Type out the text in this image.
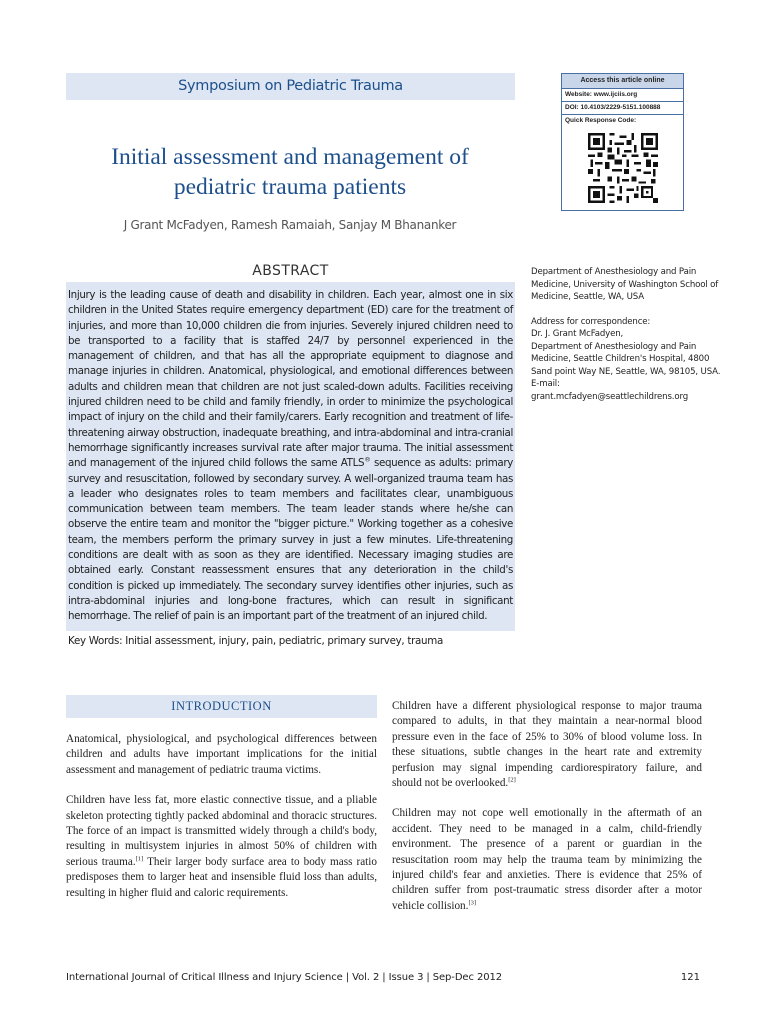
Symposium on Pediatric Trauma	Access this article online
Website: www.ijciis.org
DOI: 10.4103/2229-5151.100888
Quick Response Code:
Initial assessment and management of
pediatric trauma patients
J Grant McFadyen, Ramesh Ramaiah, Sanjay M Bhananker
ABSTRACT
Injury is the leading cause of death and disability in children. Each year, almost one in six children in the United States require emergency department (ED) care for the treatment of injuries, and more than 10,000 children die from injuries. Severely injured children need to be transported to a facility that is staffed 24/7 by personnel experienced in the management of children, and that has all the appropriate equipment to diagnose and manage injuries in children. Anatomical, physiological, and emotional differences between adults and children mean that children are not just scaled-down adults. Facilities receiving injured children need to be child and family friendly, in order to minimize the psychological impact of injury on the child and their family/carers. Early recognition and treatment of life-threatening airway obstruction, inadequate breathing, and intra-abdominal and intra-cranial hemorrhage significantly increases survival rate after major trauma. The initial assessment and management of the injured child follows the same ATLS® sequence as adults: primary survey and resuscitation, followed by secondary survey. A well-organized trauma team has a leader who designates roles to team members and facilitates clear, unambiguous communication between team members. The team leader stands where he/she can observe the entire team and monitor the "bigger picture." Working together as a cohesive team, the members perform the primary survey in just a few minutes. Life-threatening conditions are dealt with as soon as they are identified. Necessary imaging studies are obtained early. Constant reassessment ensures that any deterioration in the child's condition is picked up immediately. The secondary survey identifies other injuries, such as intra-abdominal injuries and long-bone fractures, which can result in significant hemorrhage. The relief of pain is an important part of the treatment of an injured child.
Key Words: Initial assessment, injury, pain, pediatric, primary survey, trauma

Department of Anesthesiology and Pain Medicine, University of Washington School of Medicine, Seattle, WA, USA

Address for correspondence:
Dr. J. Grant McFadyen,
Department of Anesthesiology and Pain Medicine, Seattle Children's Hospital, 4800 Sand point Way NE, Seattle, WA, 98105, USA.
E-mail:
grant.mcfadyen@seattlechildrens.org
INTRODUCTION

Anatomical, physiological, and psychological differences between children and adults have important implications for the initial assessment and management of pediatric trauma victims.

Children have less fat, more elastic connective tissue, and a pliable skeleton protecting tightly packed abdominal and thoracic structures. The force of an impact is transmitted widely through a child's body, resulting in multisystem injuries in almost 50% of children with serious trauma.[1] Their larger body surface area to body mass ratio predisposes them to larger heat and insensible fluid loss than adults, resulting in higher fluid and caloric requirements.

Children have a different physiological response to major trauma compared to adults, in that they maintain a near-normal blood pressure even in the face of 25% to 30% of blood volume loss. In these situations, subtle changes in the heart rate and extremity perfusion may signal impending cardiorespiratory failure, and should not be overlooked.[2]

Children may not cope well emotionally in the aftermath of an accident. They need to be managed in a calm, child-friendly environment. The presence of a parent or guardian in the resuscitation room may help the trauma team by minimizing the injured child's fear and anxieties. There is evidence that 25% of children suffer from post-traumatic stress disorder after a motor vehicle collision.[3]

International Journal of Critical Illness and Injury Science | Vol. 2 | Issue 3 | Sep-Dec 2012	121
